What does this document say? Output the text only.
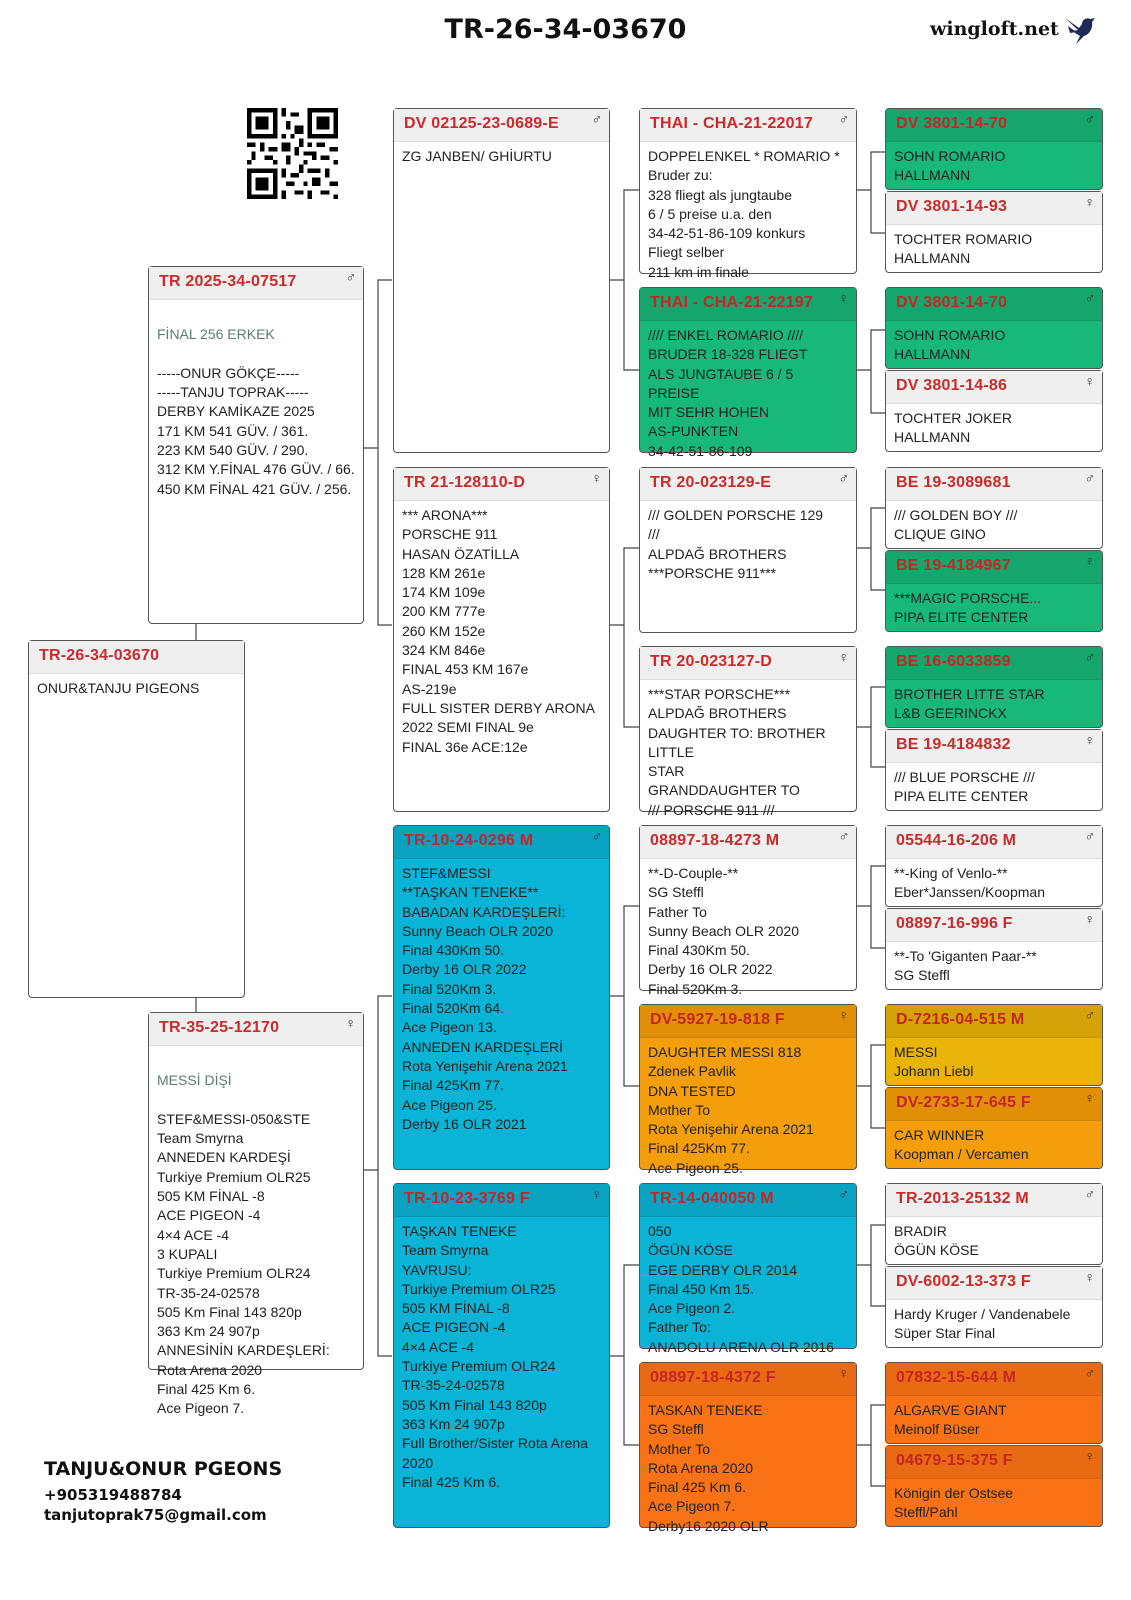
TR-26-34-03670	wingloft.net
TR-26-34-03670
ONUR&TANJU PIGEONS
TR 2025-34-07517	♂

FİNAL 256 ERKEK

-----ONUR GÖKÇE-----
-----TANJU TOPRAK-----
DERBY KAMİKAZE 2025
171 KM 541 GÜV. / 361.
223 KM 540 GÜV. / 290.
312 KM Y.FİNAL 476 GÜV. / 66.
450 KM FİNAL 421 GÜV. / 256.

TR-35-25-12170	♀

MESSİ DİŞİ

STEF&MESSI-050&STE
Team Smyrna
ANNEDEN KARDEŞİ
Turkiye Premium OLR25
505 KM FİNAL -8
ACE PIGEON -4
4×4 ACE -4
3 KUPALI
Turkiye Premium OLR24
TR-35-24-02578
505 Km Final 143 820p
363 Km 24 907p
ANNESİNİN KARDEŞLERİ:
Rota Arena 2020
Final 425 Km 6.
Ace Pigeon 7.

DV 02125-23-0689-E ♂
ZG JANBEN/ GHİURTU
TR 21-128110-D	♀
*** ARONA***
PORSCHE 911
HASAN ÖZATİLLA
128 KM 261e
174 KM 109e
200 KM 777e
260 KM 152e
324 KM 846e
FINAL 453 KM 167e
AS-219e
FULL SISTER DERBY ARONA
2022 SEMI FINAL 9e
FINAL 36e ACE:12e
TR-10-24-0296 M	♂
STEF&MESSI
**TAŞKAN TENEKE**
BABADAN KARDEŞLERİ:
Sunny Beach OLR 2020
Final 430Km 50.
Derby 16 OLR 2022
Final 520Km 3.
Final 520Km 64.
Ace Pigeon 13.
ANNEDEN KARDEŞLERİ
Rota Yenişehir Arena 2021
Final 425Km 77.
Ace Pigeon 25.
Derby 16 OLR 2021
TR-10-23-3769 F	♀
TAŞKAN TENEKE
Team Smyrna
YAVRUSU:
Turkiye Premium OLR25
505 KM FİNAL -8
ACE PIGEON -4
4×4 ACE -4
Turkiye Premium OLR24
TR-35-24-02578
505 Km Final 143 820p
363 Km 24 907p
Full Brother/Sister Rota Arena
2020
Final 425 Km 6.
THAI - CHA-21-22017 ♂
DOPPELENKEL * ROMARIO *
Bruder zu:
328 fliegt als jungtaube
6 / 5 preise u.a. den
34-42-51-86-109 konkurs
Fliegt selber
211 km im finale
THAI - CHA-21-22197 ♀
//// ENKEL ROMARIO ////
BRUDER 18-328 FLIEGT
ALS JUNGTAUBE 6 / 5
PREISE
MIT SEHR HOHEN
AS-PUNKTEN
34-42-51-86-109
TR 20-023129-E	♂
/// GOLDEN PORSCHE 129
///
ALPDAĞ BROTHERS
***PORSCHE 911***
TR 20-023127-D	♀
***STAR PORSCHE***
ALPDAĞ BROTHERS
DAUGHTER TO: BROTHER LITTLE
STAR
GRANDDAUGHTER TO
/// PORSCHE 911 ///
08897-18-4273 M	♂
**-D-Couple-**
SG Steffl
Father To
Sunny Beach OLR 2020
Final 430Km 50.
Derby 16 OLR 2022
Final 520Km 3.
DV-5927-19-818 F	♀
DAUGHTER MESSI 818
Zdenek Pavlik
DNA TESTED
Mother To
Rota Yenişehir Arena 2021
Final 425Km 77.
Ace Pigeon 25.
TR-14-040050 M	♂
050
ÖGÜN KÖSE
EGE DERBY OLR 2014
Final 450 Km 15.
Ace Pigeon 2.
Father To:
ANADOLU ARENA OLR 2016
08897-18-4372 F	♀
TASKAN TENEKE
SG Steffl
Mother To
Rota Arena 2020
Final 425 Km 6.
Ace Pigeon 7.
Derby16 2020 OLR
DV 3801-14-70	♂
SOHN ROMARIO
HALLMANN
DV 3801-14-93	♀
TOCHTER ROMARIO
HALLMANN
DV 3801-14-70	♂
SOHN ROMARIO
HALLMANN
DV 3801-14-86	♀
TOCHTER JOKER
HALLMANN
BE 19-3089681	♂
/// GOLDEN BOY ///
CLIQUE GINO
BE 19-4184967	♀
***MAGIC PORSCHE...
PIPA ELITE CENTER
BE 16-6033859	♂
BROTHER LITTE STAR
L&B GEERINCKX
BE 19-4184832	♀
/// BLUE PORSCHE ///
PIPA ELITE CENTER
05544-16-206 M	♂
**-King of Venlo-**
Eber*Janssen/Koopman
08897-16-996 F	♀
**-To 'Giganten Paar-**
SG Steffl
D-7216-04-515 M	♂
MESSI
Johann Liebl
DV-2733-17-645 F	♀
CAR WINNER
Koopman / Vercamen
TR-2013-25132 M	♂
BRADIR
ÖGÜN KÖSE
DV-6002-13-373 F	♀
Hardy Kruger / Vandenabele
Süper Star Final
07832-15-644 M	♂
ALGARVE GIANT
Meinolf Büser
04679-15-375 F	♀
Königin der Ostsee
Steffl/Pahl
TANJU&ONUR PGEONS
+905319488784
tanjutoprak75@gmail.com
